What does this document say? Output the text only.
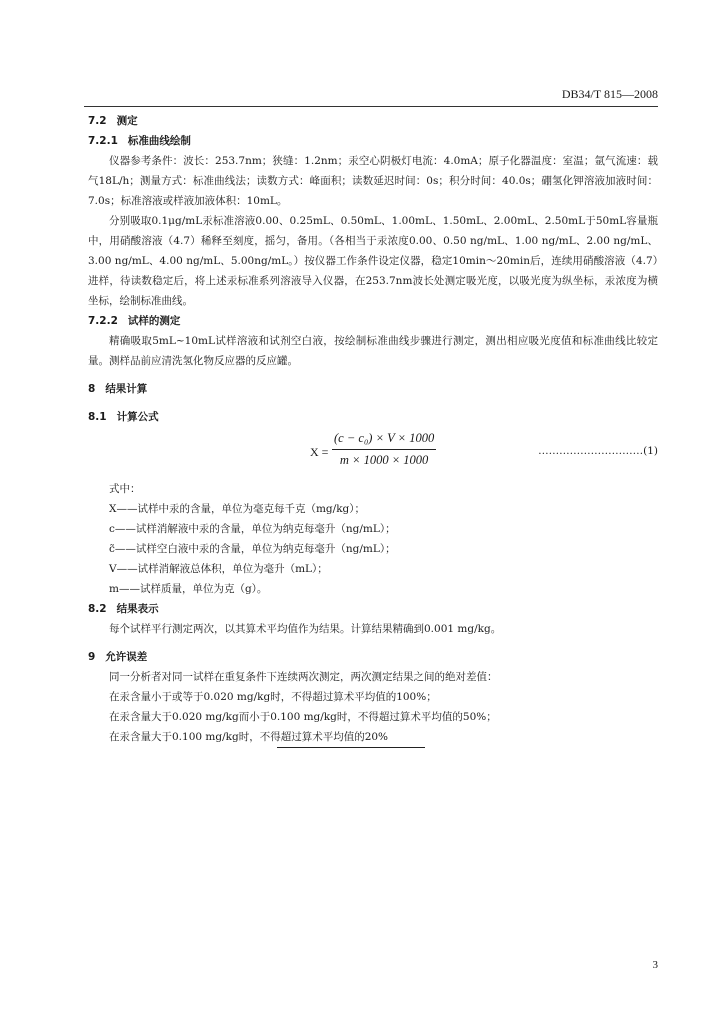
DB34/T 815—2008
7.2 测定
7.2.1 标准曲线绘制
仪器参考条件：波长：253.7nm；狭缝：1.2nm；汞空心阴极灯电流：4.0mA；原子化器温度：室温；氩气流速：载气18L/h；测量方式：标准曲线法；读数方式：峰面积；读数延迟时间：0s；积分时间：40.0s；硼氢化钾溶液加液时间：7.0s；标准溶液或样液加液体积：10mL。
分别吸取0.1μg/mL汞标准溶液0.00、0.25mL、0.50mL、1.00mL、1.50mL、2.00mL、2.50mL于50mL容量瓶中，用硝酸溶液（4.7）稀释至刻度，摇匀，备用。（各相当于汞浓度0.00、0.50 ng/mL、1.00 ng/mL、2.00 ng/mL、3.00 ng/mL、4.00 ng/mL、5.00ng/mL。）按仪器工作条件设定仪器，稳定10min～20min后，连续用硝酸溶液（4.7）进样，待读数稳定后，将上述汞标准系列溶液导入仪器，在253.7nm波长处测定吸光度，以吸光度为纵坐标，汞浓度为横坐标，绘制标准曲线。
7.2.2 试样的测定
精确吸取5mL~10mL试样溶液和试剂空白液，按绘制标准曲线步骤进行测定，测出相应吸光度值和标准曲线比较定量。测样品前应清洗氢化物反应器的反应罐。
8 结果计算
8.1 计算公式
$X = \frac{\text{(c − c₀) × V × 1000}}{m \times 1000 \times 1000}$	…………………………(1)
式中：
X——试样中汞的含量，单位为毫克每千克（mg/kg）；
c——试样消解液中汞的含量，单位为纳克每毫升（ng/mL）；
c̃——试样空白液中汞的含量，单位为纳克每毫升（ng/mL）；
V——试样消解液总体积，单位为毫升（mL）；
m——试样质量，单位为克（g）。
8.2 结果表示
每个试样平行测定两次，以其算术平均值作为结果。计算结果精确到0.001 mg/kg。
9 允许误差
同一分析者对同一试样在重复条件下连续两次测定，两次测定结果之间的绝对差值：
在汞含量小于或等于0.020 mg/kg时，不得超过算术平均值的100%；
在汞含量大于0.020 mg/kg而小于0.100 mg/kg时，不得超过算术平均值的50%；
在汞含量大于0.100 mg/kg时，不得超过算术平均值的20%
3
